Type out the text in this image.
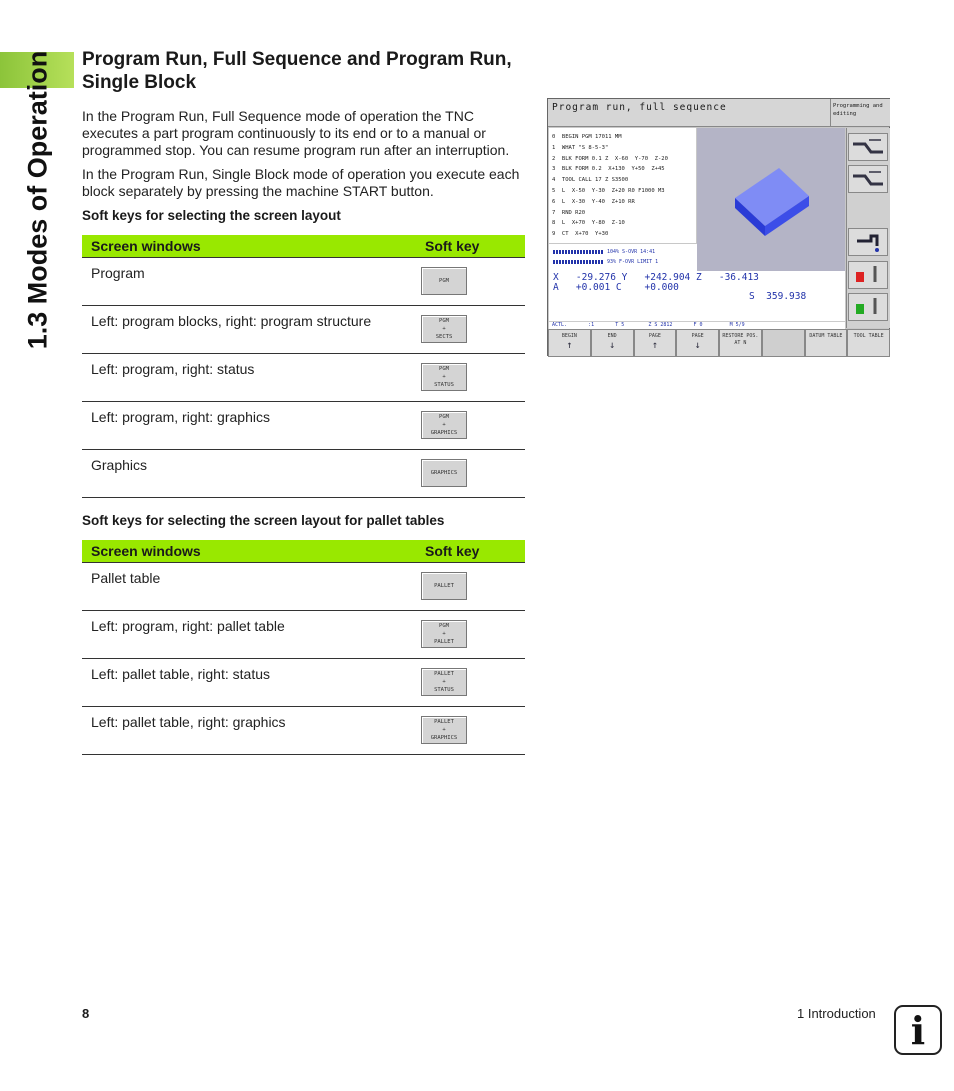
1.3 Modes of Operation Program Run, Full Sequence and Program Run, Single Block
In the Program Run, Full Sequence mode of operation the TNC executes a part program continuously to its end or to a manual or programmed stop. You can resume program run after an interruption.
In the Program Run, Single Block mode of operation you execute each block separately by pressing the machine START button.
Soft keys for selecting the screen layout
Screen windows	Soft key
Program	PGM

Left: program blocks, right: program structure	PGM
+
SECTS

Left: program, right: status	PGM
+
STATUS

Left: program, right: graphics	PGM
+
GRAPHICS

Graphics	GRAPHICS
Soft keys for selecting the screen layout for pallet tables
Screen windows	Soft key
Pallet table	PALLET

Left: program, right: pallet table	PGM
+
PALLET

Left: pallet table, right: status	PALLET
+
STATUS

Left: pallet table, right: graphics	PALLET
+
GRAPHICS
Program run, full sequence	Programming and editing
0  BEGIN PGM 17011 MM
1  WHAT "S 8-5-3"
2  BLK FORM 0.1 Z  X-60  Y-70  Z-20
3  BLK FORM 0.2  X+130  Y+50  Z+45
4  TOOL CALL 17 Z S3500
5  L  X-50  Y-30  Z+20 R0 F1000 M3
6  L  X-30  Y-40  Z+10 RR
7  RND R20
8  L  X+70  Y-80  Z-10
9  CT  X+70  Y+30
104% S-OVR 14:41
93% F-OVR LIMIT 1
X   -29.276 Y   +242.904 Z   -36.413
A   +0.001 C    +0.000
S  359.938
ACTL.       :1       T 5        Z S 2812       F 0         M 5/9
BEGIN
↑
END
↓
PAGE
↑
PAGE
↓
RESTORE POS. AT N
DATUM TABLE	TOOL TABLE
8	1 Introduction i
